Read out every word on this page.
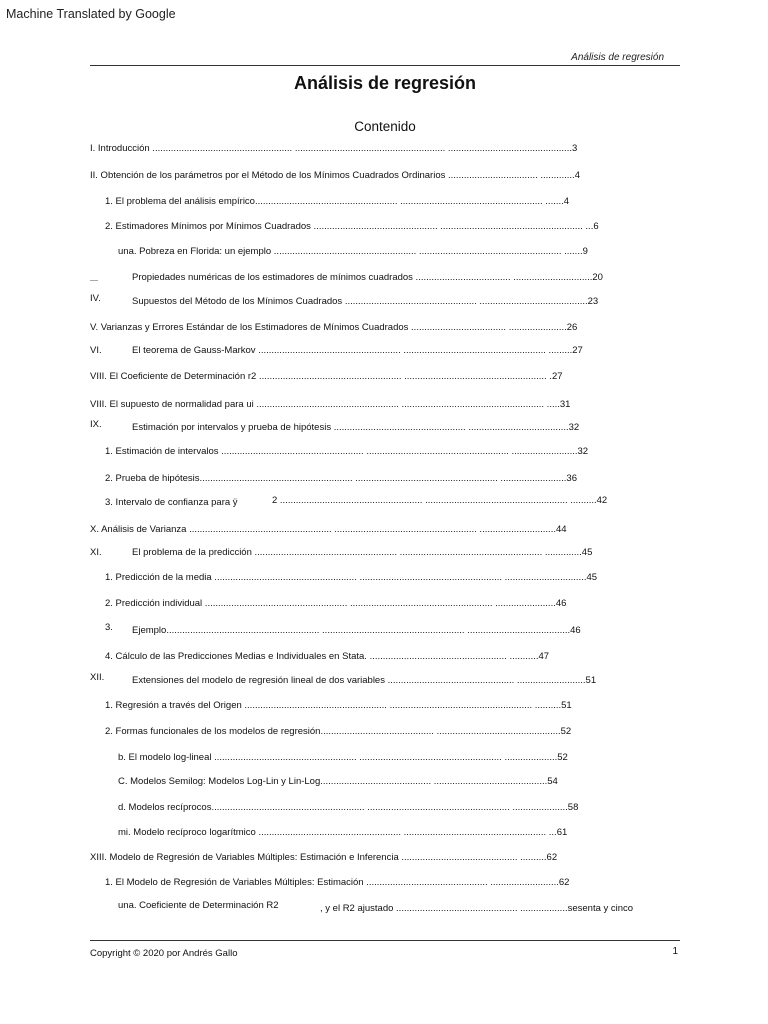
Machine Translated by Google
Análisis de regresión
Análisis de regresión
Contenido
I. Introducción ..................................................... ......................................................... ...............................................3
II. Obtención de los parámetros por el Método de los Mínimos Cuadrados Ordinarios .................................. .............4
1. El problema del análisis empírico...................................................... ...................................................... .......4
2. Estimadores Mínimos por Mínimos Cuadrados ............................................... ...................................................... ...6
una. Pobreza en Florida: un ejemplo ...................................................... ...................................................... .......9
----	Propiedades numéricas de los estimadores de mínimos cuadrados .................................... ..............................20
IV.	Supuestos del Método de los Mínimos Cuadrados .................................................. .........................................23
V. Varianzas y Errores Estándar de los Estimadores de Mínimos Cuadrados .................................... ......................26
VI.	El teorema de Gauss-Markov ...................................................... ...................................................... .........27
VIII. El Coeficiente de Determinación r2 ...................................................... ...................................................... .27
VIII. El supuesto de normalidad para ui ...................................................... ...................................................... .....31
IX.	Estimación por intervalos y prueba de hipótesis .................................................. ......................................32
1. Estimación de intervalos ...................................................... ...................................................... .........................32
2. Prueba de hipótesis.......................................................... ...................................................... .........................36
3. Intervalo de confianza para ÿ	2 ...................................................... ...................................................... ..........42
X. Análisis de Varianza ...................................................... ...................................................... .............................44
XI.	El problema de la predicción ...................................................... ...................................................... ..............45
1. Predicción de la media ...................................................... ...................................................... ...............................45
2. Predicción individual ...................................................... ...................................................... .......................46
3. Ejemplo.......................................................... ...................................................... .......................................46
4. Cálculo de las Predicciones Medias e Individuales en Stata. .................................................... ...........47
XII.	Extensiones del modelo de regresión lineal de dos variables ................................................ ..........................51
1. Regresión a través del Origen ...................................................... ...................................................... ..........51
2. Formas funcionales de los modelos de regresión........................................... ...............................................52
b. El modelo log-lineal ...................................................... ...................................................... ....................52
C. Modelos Semilog: Modelos Log-Lin y Lin-Log.......................................... ...........................................54
d. Modelos recíprocos.......................................................... ...................................................... .....................58
mi. Modelo recíproco logarítmico ...................................................... ...................................................... ...61
XIII. Modelo de Regresión de Variables Múltiples: Estimación e Inferencia ............................................ ..........62
1. El Modelo de Regresión de Variables Múltiples: Estimación .............................................. ..........................62
una. Coeficiente de Determinación R2	, y el R2 ajustado .............................................. ..................sesenta y cinco
Copyright © 2020 por Andrés Gallo	1
